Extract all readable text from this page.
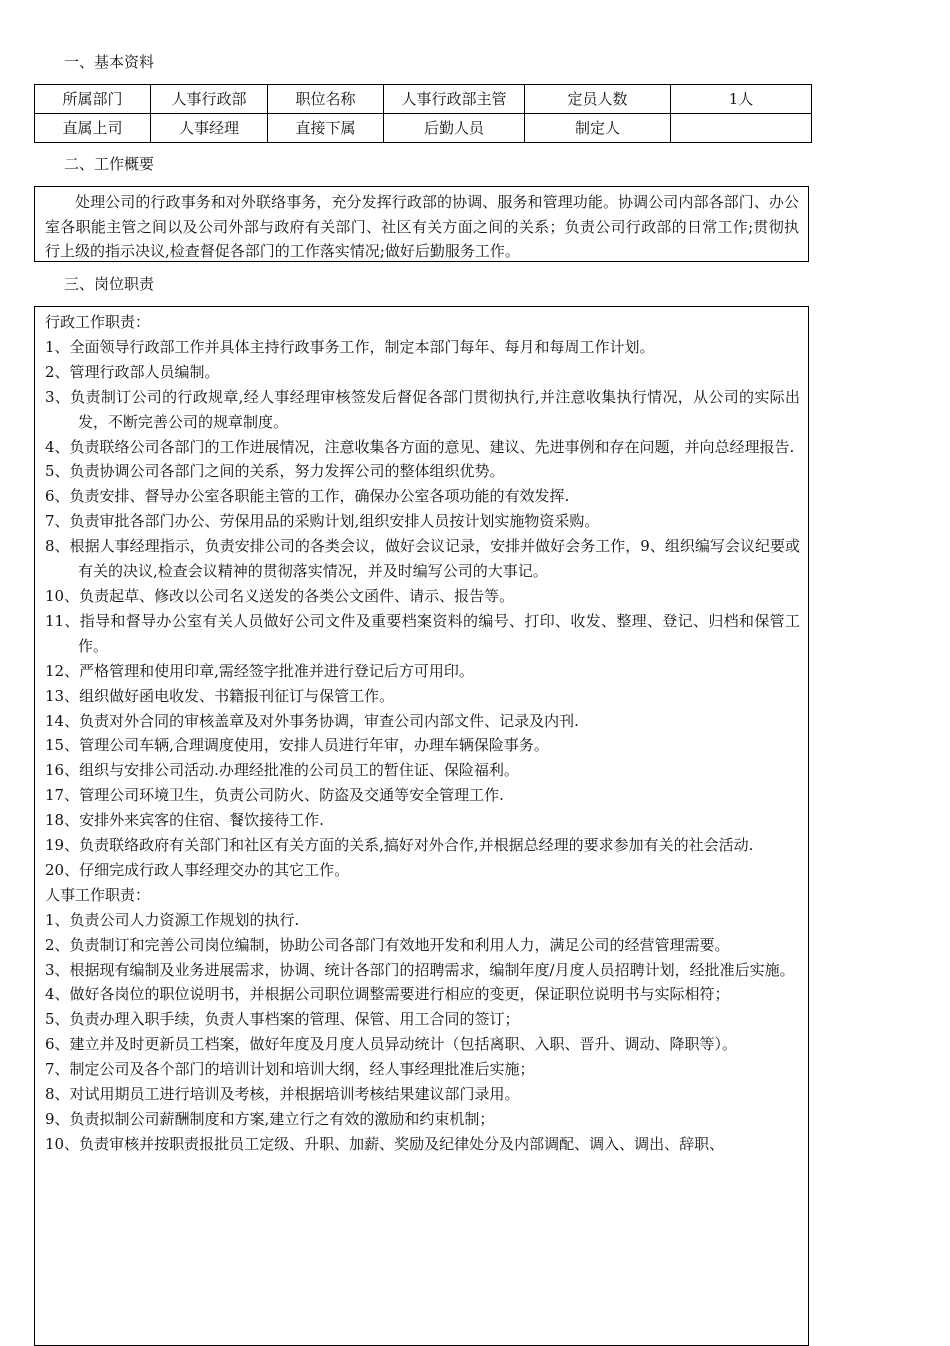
一、基本资料
所属部门	人事行政部	职位名称	人事行政部主管	定员人数	1人
直属上司	人事经理	直接下属	后勤人员	制定人	
二、工作概要

处理公司的行政事务和对外联络事务，充分发挥行政部的协调、服务和管理功能。协调公司内部各部门、办公室各职能主管之间以及公司外部与政府有关部门、社区有关方面之间的关系；负责公司行政部的日常工作;贯彻执行上级的指示决议,检查督促各部门的工作落实情况;做好后勤服务工作。

三、岗位职责

行政工作职责：

1、全面领导行政部工作并具体主持行政事务工作，制定本部门每年、每月和每周工作计划。

2、管理行政部人员编制。

3、负责制订公司的行政规章,经人事经理审核签发后督促各部门贯彻执行,并注意收集执行情况，从公司的实际出发，不断完善公司的规章制度。

4、负责联络公司各部门的工作进展情况，注意收集各方面的意见、建议、先进事例和存在问题，并向总经理报告.

5、负责协调公司各部门之间的关系，努力发挥公司的整体组织优势。

6、负责安排、督导办公室各职能主管的工作，确保办公室各项功能的有效发挥.

7、负责审批各部门办公、劳保用品的采购计划,组织安排人员按计划实施物资采购。

8、根据人事经理指示，负责安排公司的各类会议，做好会议记录，安排并做好会务工作，9、组织编写会议纪要或有关的决议,检查会议精神的贯彻落实情况，并及时编写公司的大事记。

10、负责起草、修改以公司名义送发的各类公文函件、请示、报告等。

11、指导和督导办公室有关人员做好公司文件及重要档案资料的编号、打印、收发、整理、登记、归档和保管工作。

12、严格管理和使用印章,需经签字批准并进行登记后方可用印。

13、组织做好函电收发、书籍报刊征订与保管工作。

14、负责对外合同的审核盖章及对外事务协调，审查公司内部文件、记录及内刊.

15、管理公司车辆,合理调度使用，安排人员进行年审，办理车辆保险事务。

16、组织与安排公司活动.办理经批准的公司员工的暂住证、保险福利。

17、管理公司环境卫生，负责公司防火、防盗及交通等安全管理工作.

18、安排外来宾客的住宿、餐饮接待工作.

19、负责联络政府有关部门和社区有关方面的关系,搞好对外合作,并根据总经理的要求参加有关的社会活动.

20、仔细完成行政人事经理交办的其它工作。

人事工作职责：

1、负责公司人力资源工作规划的执行.

2、负责制订和完善公司岗位编制，协助公司各部门有效地开发和利用人力，满足公司的经营管理需要。

3、根据现有编制及业务进展需求，协调、统计各部门的招聘需求，编制年度/月度人员招聘计划，经批准后实施。

4、做好各岗位的职位说明书，并根据公司职位调整需要进行相应的变更，保证职位说明书与实际相符；

5、负责办理入职手续，负责人事档案的管理、保管、用工合同的签订；

6、建立并及时更新员工档案，做好年度及月度人员异动统计（包括离职、入职、晋升、调动、降职等）。

7、制定公司及各个部门的培训计划和培训大纲，经人事经理批准后实施；

8、对试用期员工进行培训及考核，并根据培训考核结果建议部门录用。

9、负责拟制公司薪酬制度和方案,建立行之有效的激励和约束机制；

10、负责审核并按职责报批员工定级、升职、加薪、奖励及纪律处分及内部调配、调入、调出、辞职、
